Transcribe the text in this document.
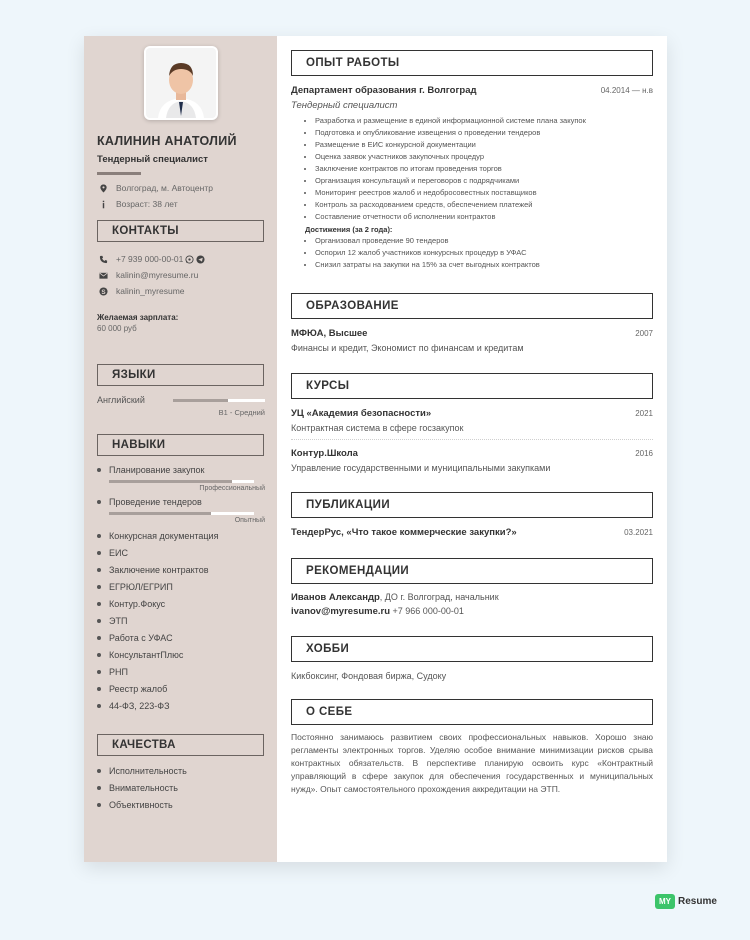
КАЛИНИН АНАТОЛИЙ
Тендерный специалист
Волгоград, м. Автоцентр
Возраст: 38 лет
КОНТАКТЫ
+7 939 000-00-01
kalinin@myresume.ru
S kalinin_myresume
Желаемая зарплата:
60 000 руб
ЯЗЫКИ
Английский
B1 - Средний
НАВЫКИ
Планирование закупок
Профессиональный
Проведение тендеров
Опытный
Конкурсная документация
ЕИС
Заключение контрактов
ЕГРЮЛ/ЕГРИП
Контур.Фокус
ЭТП
Работа с УФАС
КонсультантПлюс
РНП
Реестр жалоб
44-ФЗ, 223-ФЗ
КАЧЕСТВА
Исполнительность
Внимательность
Объективность
ОПЫТ РАБОТЫ
Департамент образования г. Волгоград	04.2014 — н.в
Тендерный специалист
• Разработка и размещение в единой информационной системе плана закупок
• Подготовка и опубликование извещения о проведении тендеров
• Размещение в ЕИС конкурсной документации
• Оценка заявок участников закупочных процедур
• Заключение контрактов по итогам проведения торгов
• Организация консультаций и переговоров с подрядчиками
• Мониторинг реестров жалоб и недобросовестных поставщиков
• Контроль за расходованием средств, обеспечением платежей
• Составление отчетности об исполнении контрактов
Достижения (за 2 года):
• Организовал проведение 90 тендеров
• Оспорил 12 жалоб участников конкурсных процедур в УФАС
• Снизил затраты на закупки на 15% за счет выгодных контрактов
ОБРАЗОВАНИЕ
МФЮА, Высшее	2007
Финансы и кредит, Экономист по финансам и кредитам
КУРСЫ
УЦ «Академия безопасности»	2021
Контрактная система в сфере госзакупок
Контур.Школа	2016
Управление государственными и муниципальными закупками
ПУБЛИКАЦИИ
ТендерРус, «Что такое коммерческие закупки?»	03.2021
РЕКОМЕНДАЦИИ
Иванов Александр, ДО г. Волгоград, начальник
ivanov@myresume.ru +7 966 000-00-01
ХОББИ
Кикбоксинг, Фондовая биржа, Судоку
О СЕБЕ
Постоянно занимаюсь развитием своих профессиональных навыков. Хорошо знаю регламенты электронных торгов. Уделяю особое внимание минимизации рисков срыва контрактных обязательств. В перспективе планирую освоить курс «Контрактный управляющий в сфере закупок для обеспечения государственных и муниципальных нужд». Опыт самостоятельного прохождения аккредитации на ЭТП.
MY Resume
